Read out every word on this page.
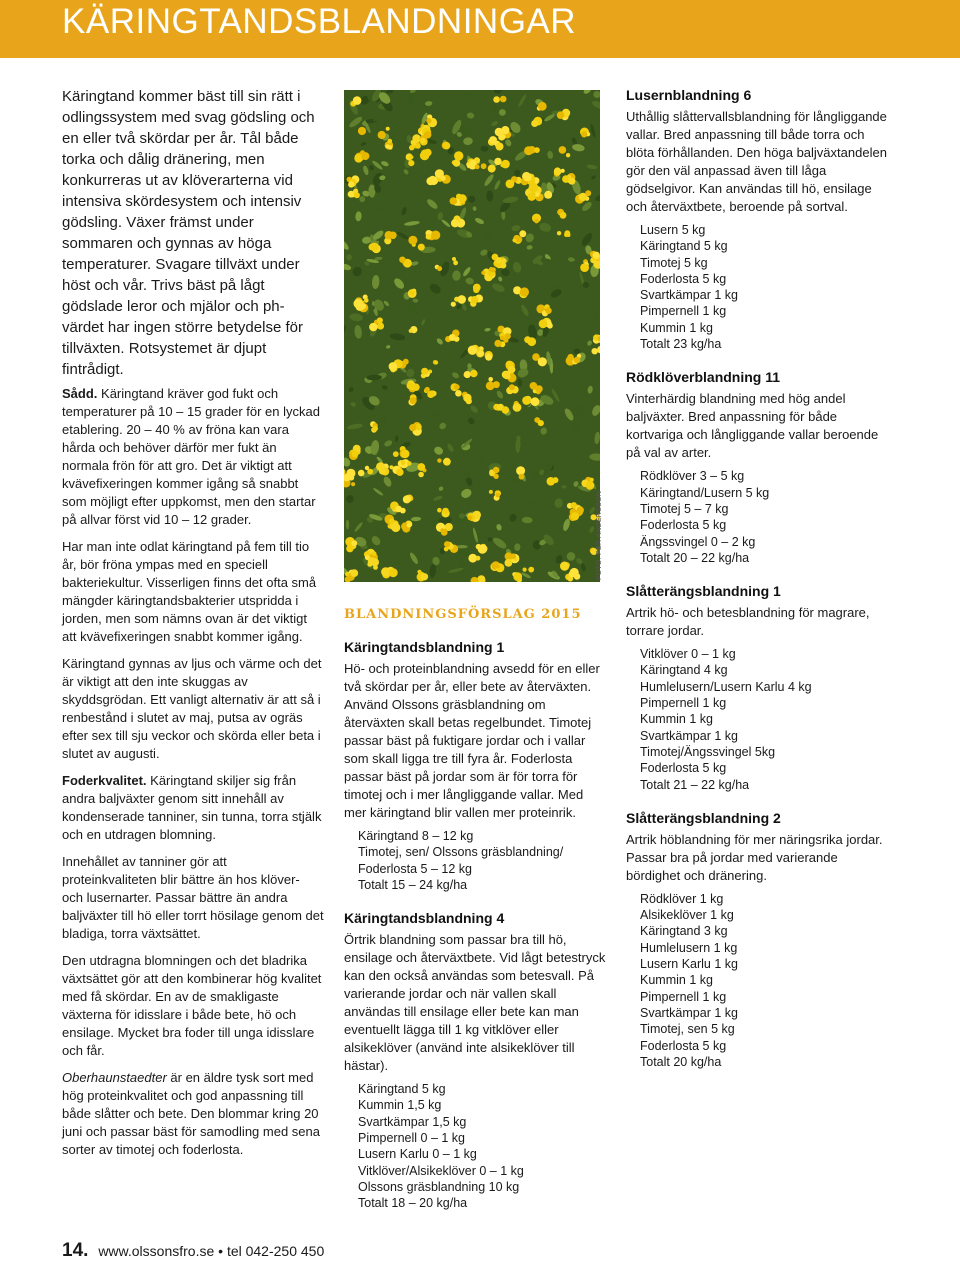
KÄRINGTANDSBLANDNINGAR

Käringtand kommer bäst till sin rätt i odlingssystem med svag gödsling och en eller två skördar per år. Tål både torka och dålig dränering, men konkurreras ut av klöverarterna vid intensiva skördesystem och intensiv gödsling. Växer främst under sommaren och gynnas av höga temperaturer. Svagare tillväxt under höst och vår. Trivs bäst på lågt gödslade leror och mjälor och ph-värdet har ingen större betydelse för tillväxten. Rotsystemet är djupt fintrådigt.

Sådd. Käringtand kräver god fukt och temperaturer på 10 – 15 grader för en lyckad etablering. 20 – 40 % av fröna kan vara hårda och behöver därför mer fukt än normala frön för att gro. Det är viktigt att kvävefixeringen kommer igång så snabbt som möjligt efter uppkomst, men den startar på allvar först vid 10 – 12 grader.

Har man inte odlat käringtand på fem till tio år, bör fröna ympas med en speciell bakteriekultur. Visserligen finns det ofta små mängder käringtandsbakterier utspridda i jorden, men som nämns ovan är det viktigt att kvävefixeringen snabbt kommer igång.

Käringtand gynnas av ljus och värme och det är viktigt att den inte skuggas av skyddsgrödan. Ett vanligt alternativ är att så i renbestånd i slutet av maj, putsa av ogräs efter sex till sju veckor och skörda eller beta i slutet av augusti.

Foderkvalitet. Käringtand skiljer sig från andra baljväxter genom sitt innehåll av kondenserade tanniner, sin tunna, torra stjälk och en utdragen blomning.

Innehållet av tanniner gör att proteinkvaliteten blir bättre än hos klöver- och lusernarter. Passar bättre än andra baljväxter till hö eller torrt hösilage genom det bladiga, torra växtsättet.

Den utdragna blomningen och det bladrika växtsättet gör att den kombinerar hög kvalitet med få skördar. En av de smakligaste växterna för idisslare i både bete, hö och ensilage. Mycket bra foder till unga idisslare och får.

Oberhaunstaedter är en äldre tysk sort med hög proteinkvalitet och god anpassning till både slåtter och bete. Den blommar kring 20 juni och passar bäst för samodling med sena sorter av timotej och foderlosta.

FOTO: PER ANDERSSON
BLANDNINGSFÖRSLAG 2015
Käringtandsblandning 1

Hö- och proteinblandning avsedd för en eller två skördar per år, eller bete av återväxten. Använd Olssons gräsblandning om återväxten skall betas regelbundet. Timotej passar bäst på fuktigare jordar och i vallar som skall ligga tre till fyra år. Foderlosta passar bäst på jordar som är för torra för timotej och i mer långliggande vallar. Med mer käringtand blir vallen mer proteinrik.

Käringtand 8 – 12 kg
Timotej, sen/ Olssons gräsblandning/
Foderlosta 5 – 12 kg
Totalt 15 – 24 kg/ha
Käringtandsblandning 4

Örtrik blandning som passar bra till hö, ensilage och återväxtbete. Vid lågt betestryck kan den också användas som betesvall. På varierande jordar och när vallen skall användas till ensilage eller bete kan man eventuellt lägga till 1 kg vitklöver eller alsikeklöver (använd inte alsikeklöver till hästar).

Käringtand 5 kg
Kummin 1,5 kg
Svartkämpar 1,5 kg
Pimpernell 0 – 1 kg
Lusern Karlu 0 – 1 kg
Vitklöver/Alsikeklöver 0 – 1 kg
Olssons gräsblandning 10 kg
Totalt 18 – 20 kg/ha
Lusernblandning 6

Uthållig slåttervallsblandning för långliggande vallar. Bred anpassning till både torra och blöta förhållanden. Den höga baljväxtandelen gör den väl anpassad även till låga gödselgivor. Kan användas till hö, ensilage och återväxtbete, beroende på sortval.

Lusern 5 kg
Käringtand 5 kg
Timotej 5 kg
Foderlosta 5 kg
Svartkämpar 1 kg
Pimpernell 1 kg
Kummin 1 kg
Totalt 23 kg/ha
Rödklöverblandning 11

Vinterhärdig blandning med hög andel baljväxter. Bred anpassning för både kortvariga och långliggande vallar beroende på val av arter.

Rödklöver 3 – 5 kg
Käringtand/Lusern 5 kg
Timotej 5 – 7 kg
Foderlosta 5 kg
Ängssvingel 0 – 2 kg
Totalt 20 – 22 kg/ha
Slåtterängsblandning 1

Artrik hö- och betesblandning för magrare, torrare jordar.

Vitklöver 0 – 1 kg
Käringtand 4 kg
Humlelusern/Lusern Karlu 4 kg
Pimpernell 1 kg
Kummin 1 kg
Svartkämpar 1 kg
Timotej/Ängssvingel 5kg
Foderlosta 5 kg
Totalt 21 – 22 kg/ha
Slåtterängsblandning 2

Artrik höblandning för mer näringsrika jordar. Passar bra på jordar med varierande bördighet och dränering.

Rödklöver 1 kg
Alsikeklöver 1 kg
Käringtand 3 kg
Humlelusern 1 kg
Lusern Karlu 1 kg
Kummin 1 kg
Pimpernell 1 kg
Svartkämpar 1 kg
Timotej, sen 5 kg
Foderlosta 5 kg
Totalt 20 kg/ha
14. www.olssonsfro.se • tel 042-250 450
